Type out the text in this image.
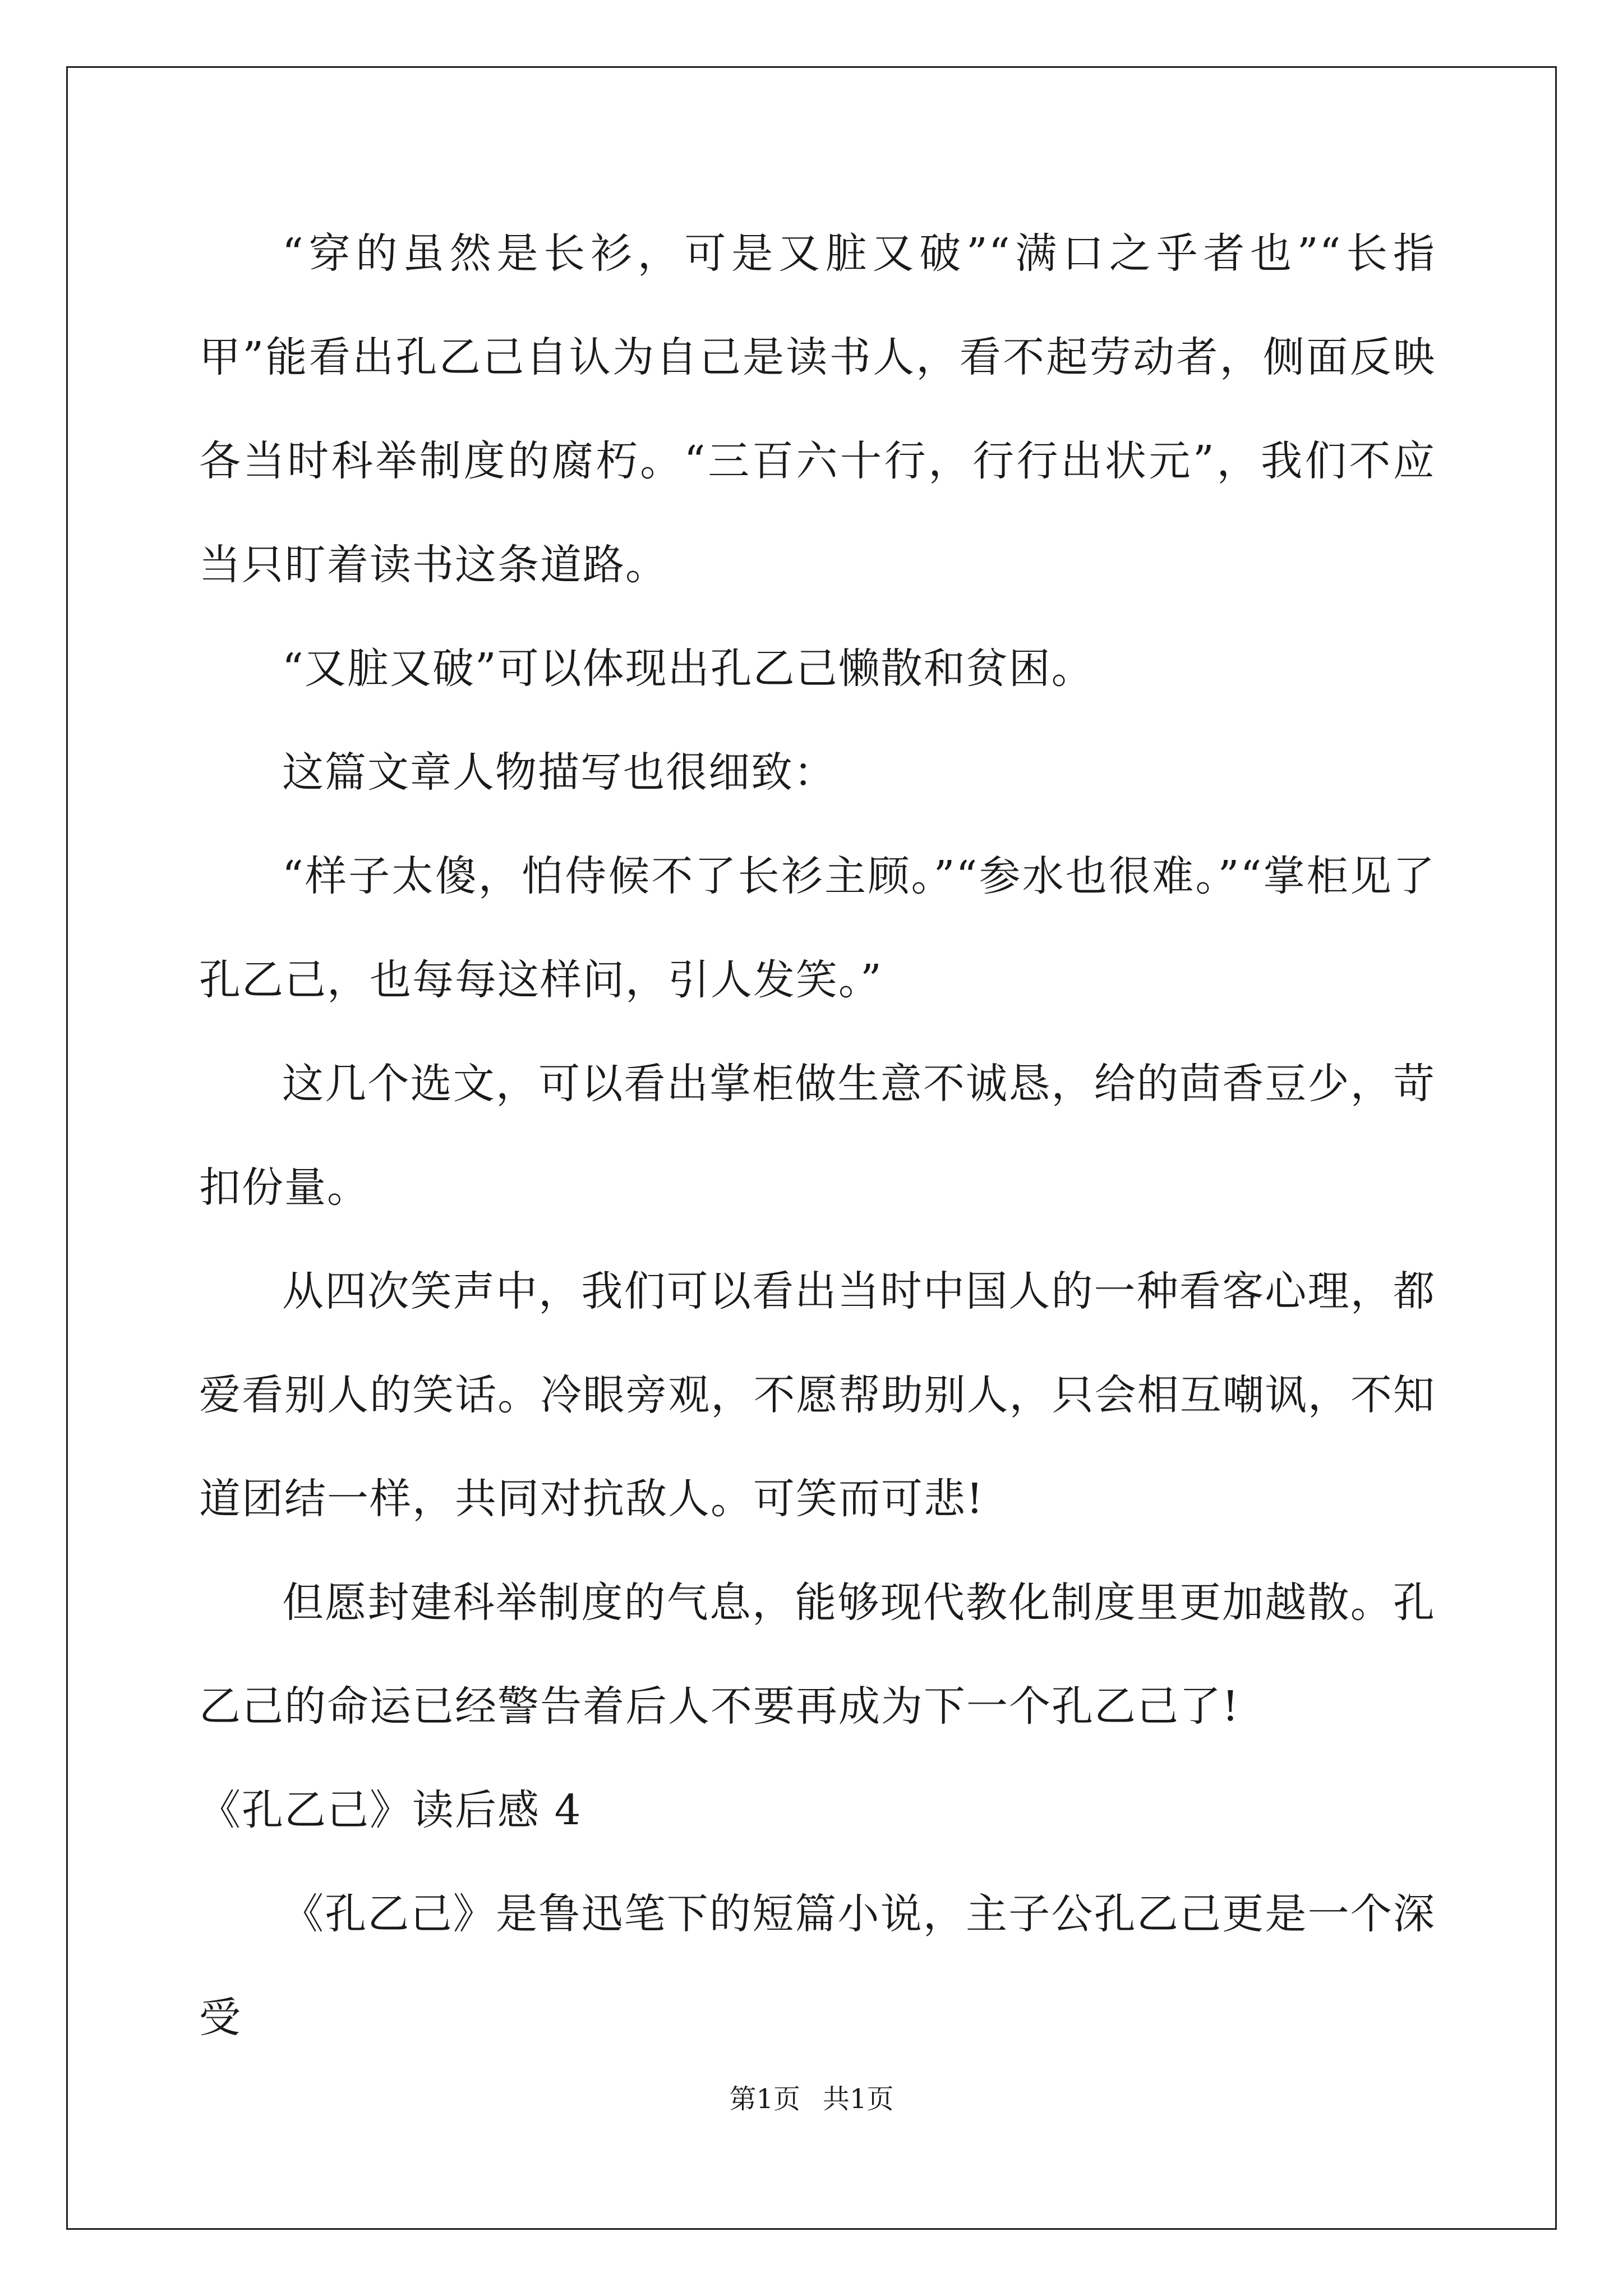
“穿的虽然是长衫，可是又脏又破”“满口之乎者也”“长指甲”能看出孔乙己自认为自己是读书人，看不起劳动者，侧面反映各当时科举制度的腐朽。“三百六十行，行行出状元”，我们不应当只盯着读书这条道路。

“又脏又破”可以体现出孔乙己懒散和贫困。

这篇文章人物描写也很细致：

“样子太傻，怕侍候不了长衫主顾。”“参水也很难。”“掌柜见了孔乙己，也每每这样问，引人发笑。”

这几个选文，可以看出掌柜做生意不诚恳，给的茴香豆少，苛扣份量。

从四次笑声中，我们可以看出当时中国人的一种看客心理，都爱看别人的笑话。冷眼旁观，不愿帮助别人，只会相互嘲讽，不知道团结一样，共同对抗敌人。可笑而可悲!

但愿封建科举制度的气息，能够现代教化制度里更加越散。孔乙己的命运已经警告着后人不要再成为下一个孔乙己了!

《孔乙己》读后感 4

《孔乙己》是鲁迅笔下的短篇小说，主子公孔乙己更是一个深受

第1页 共1页
